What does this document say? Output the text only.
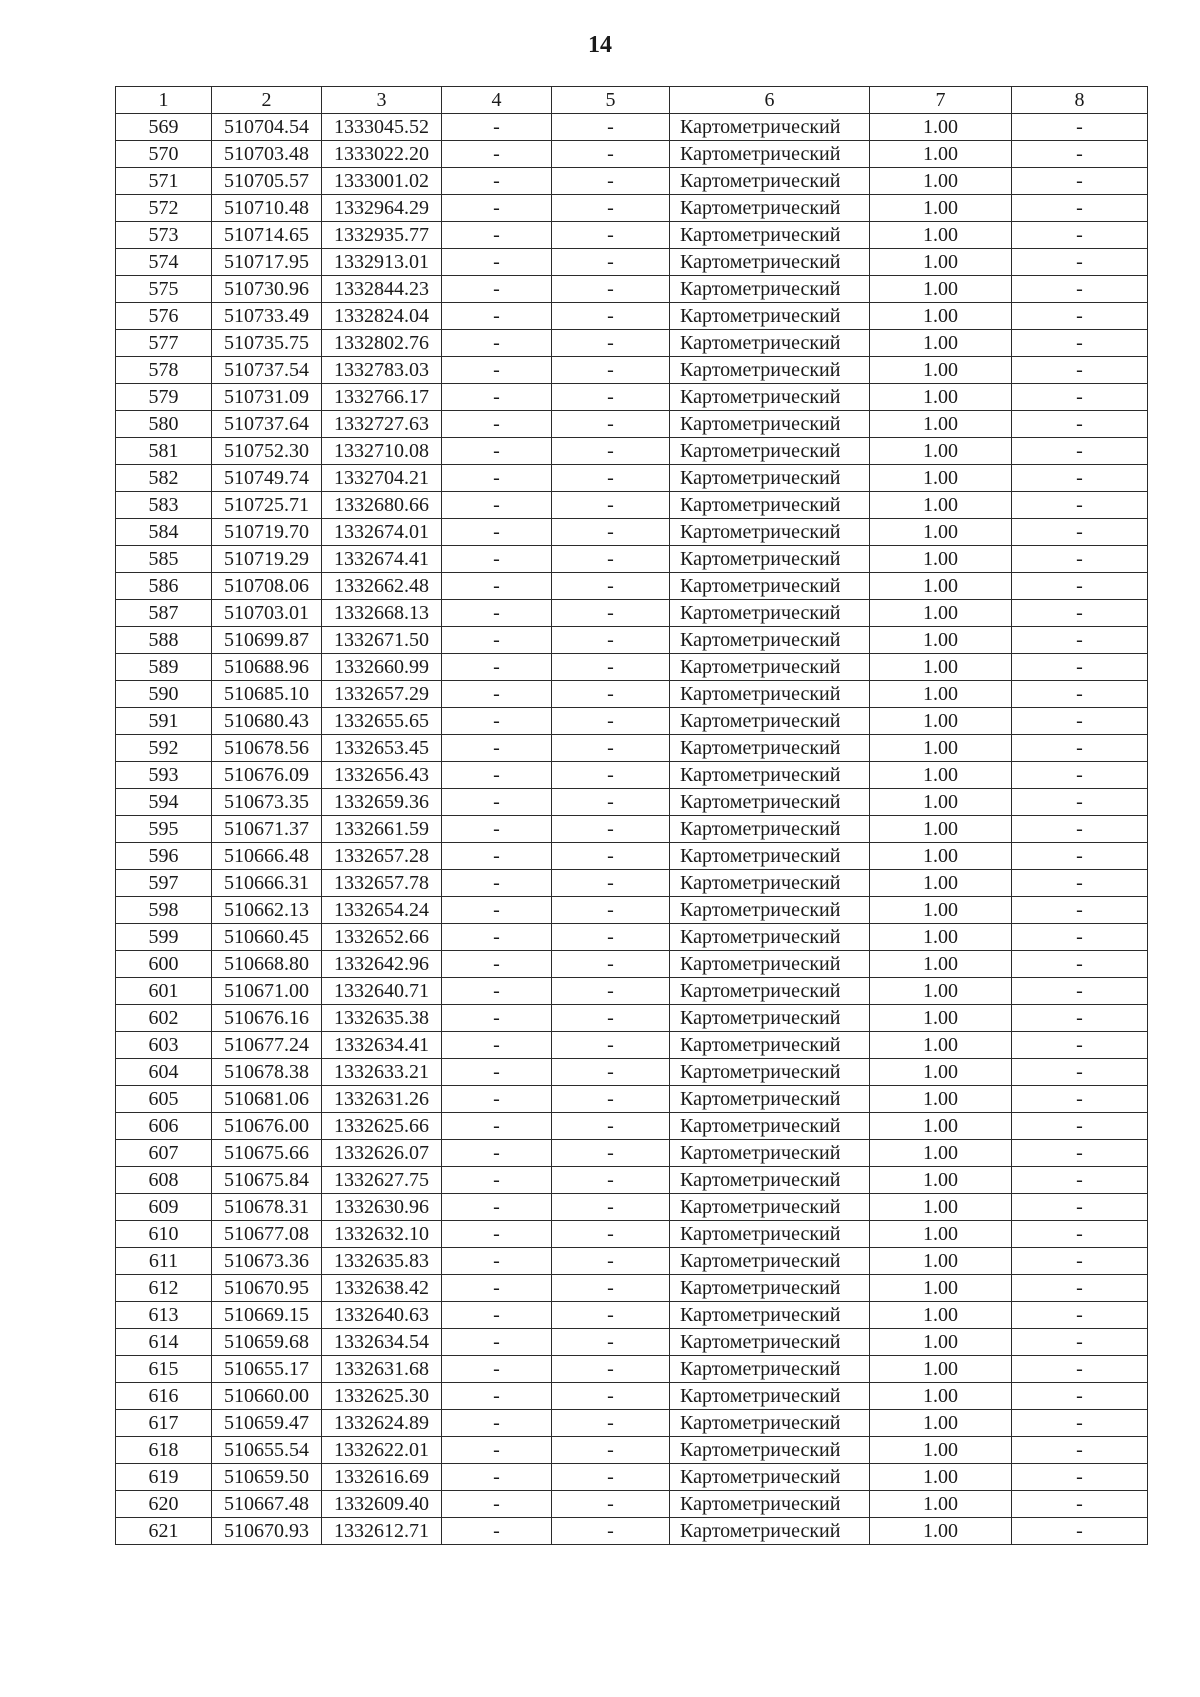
14
1	2	3	4	5	6	7	8
569	510704.54	1333045.52	-	-	Картометрический	1.00	-
570	510703.48	1333022.20	-	-	Картометрический	1.00	-
571	510705.57	1333001.02	-	-	Картометрический	1.00	-
572	510710.48	1332964.29	-	-	Картометрический	1.00	-
573	510714.65	1332935.77	-	-	Картометрический	1.00	-
574	510717.95	1332913.01	-	-	Картометрический	1.00	-
575	510730.96	1332844.23	-	-	Картометрический	1.00	-
576	510733.49	1332824.04	-	-	Картометрический	1.00	-
577	510735.75	1332802.76	-	-	Картометрический	1.00	-
578	510737.54	1332783.03	-	-	Картометрический	1.00	-
579	510731.09	1332766.17	-	-	Картометрический	1.00	-
580	510737.64	1332727.63	-	-	Картометрический	1.00	-
581	510752.30	1332710.08	-	-	Картометрический	1.00	-
582	510749.74	1332704.21	-	-	Картометрический	1.00	-
583	510725.71	1332680.66	-	-	Картометрический	1.00	-
584	510719.70	1332674.01	-	-	Картометрический	1.00	-
585	510719.29	1332674.41	-	-	Картометрический	1.00	-
586	510708.06	1332662.48	-	-	Картометрический	1.00	-
587	510703.01	1332668.13	-	-	Картометрический	1.00	-
588	510699.87	1332671.50	-	-	Картометрический	1.00	-
589	510688.96	1332660.99	-	-	Картометрический	1.00	-
590	510685.10	1332657.29	-	-	Картометрический	1.00	-
591	510680.43	1332655.65	-	-	Картометрический	1.00	-
592	510678.56	1332653.45	-	-	Картометрический	1.00	-
593	510676.09	1332656.43	-	-	Картометрический	1.00	-
594	510673.35	1332659.36	-	-	Картометрический	1.00	-
595	510671.37	1332661.59	-	-	Картометрический	1.00	-
596	510666.48	1332657.28	-	-	Картометрический	1.00	-
597	510666.31	1332657.78	-	-	Картометрический	1.00	-
598	510662.13	1332654.24	-	-	Картометрический	1.00	-
599	510660.45	1332652.66	-	-	Картометрический	1.00	-
600	510668.80	1332642.96	-	-	Картометрический	1.00	-
601	510671.00	1332640.71	-	-	Картометрический	1.00	-
602	510676.16	1332635.38	-	-	Картометрический	1.00	-
603	510677.24	1332634.41	-	-	Картометрический	1.00	-
604	510678.38	1332633.21	-	-	Картометрический	1.00	-
605	510681.06	1332631.26	-	-	Картометрический	1.00	-
606	510676.00	1332625.66	-	-	Картометрический	1.00	-
607	510675.66	1332626.07	-	-	Картометрический	1.00	-
608	510675.84	1332627.75	-	-	Картометрический	1.00	-
609	510678.31	1332630.96	-	-	Картометрический	1.00	-
610	510677.08	1332632.10	-	-	Картометрический	1.00	-
611	510673.36	1332635.83	-	-	Картометрический	1.00	-
612	510670.95	1332638.42	-	-	Картометрический	1.00	-
613	510669.15	1332640.63	-	-	Картометрический	1.00	-
614	510659.68	1332634.54	-	-	Картометрический	1.00	-
615	510655.17	1332631.68	-	-	Картометрический	1.00	-
616	510660.00	1332625.30	-	-	Картометрический	1.00	-
617	510659.47	1332624.89	-	-	Картометрический	1.00	-
618	510655.54	1332622.01	-	-	Картометрический	1.00	-
619	510659.50	1332616.69	-	-	Картометрический	1.00	-
620	510667.48	1332609.40	-	-	Картометрический	1.00	-
621	510670.93	1332612.71	-	-	Картометрический	1.00	-
